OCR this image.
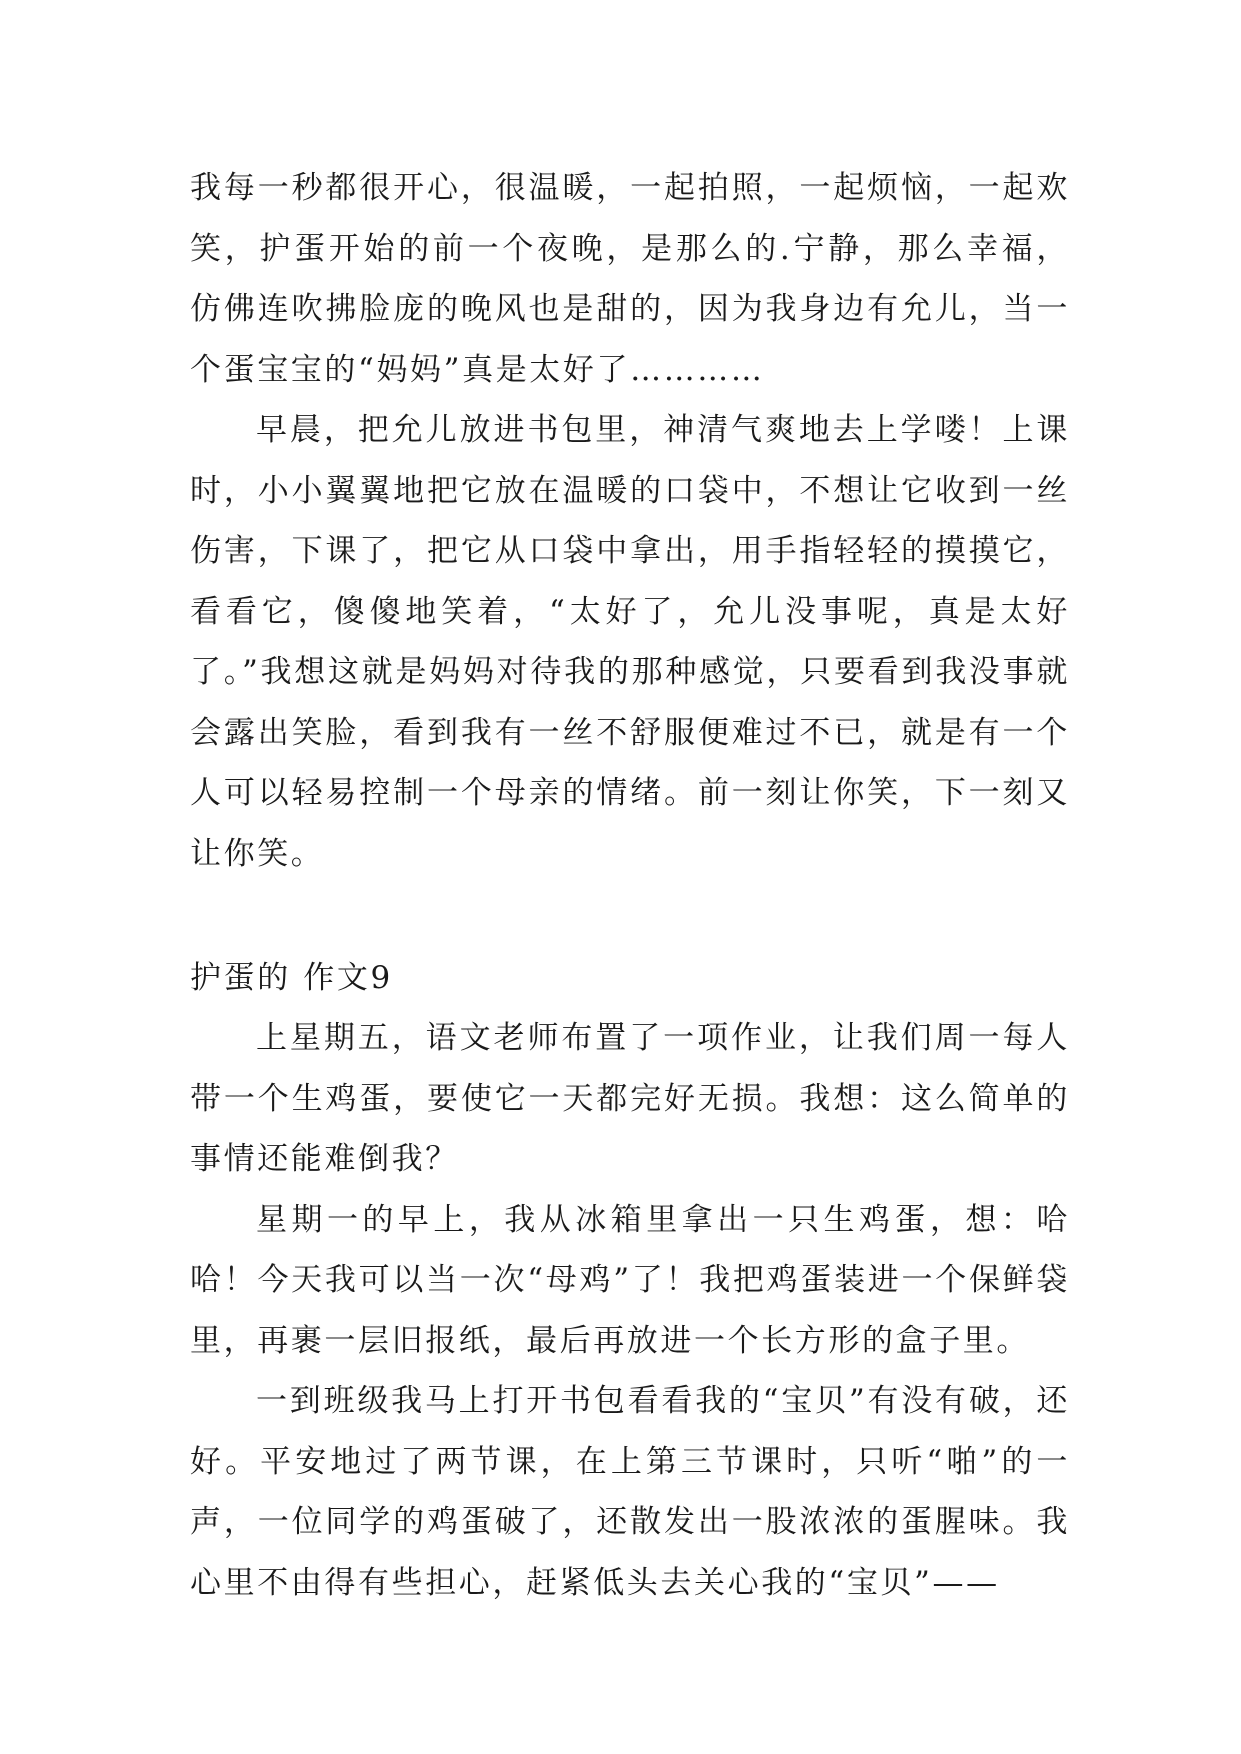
我每一秒都很开心，很温暖，一起拍照，一起烦恼，一起欢笑，护蛋开始的前一个夜晚，是那么的.宁静，那么幸福，仿佛连吹拂脸庞的晚风也是甜的，因为我身边有允儿，当一个蛋宝宝的“妈妈”真是太好了…………

早晨，把允儿放进书包里，神清气爽地去上学喽！上课时，小小翼翼地把它放在温暖的口袋中，不想让它收到一丝伤害，下课了，把它从口袋中拿出，用手指轻轻的摸摸它，看看它，傻傻地笑着，“太好了，允儿没事呢，真是太好了。”我想这就是妈妈对待我的那种感觉，只要看到我没事就会露出笑脸，看到我有一丝不舒服便难过不已，就是有一个人可以轻易控制一个母亲的情绪。前一刻让你笑，下一刻又让你笑。

护蛋的 作文9

上星期五，语文老师布置了一项作业，让我们周一每人带一个生鸡蛋，要使它一天都完好无损。我想：这么简单的事情还能难倒我？

星期一的早上，我从冰箱里拿出一只生鸡蛋，想：哈哈！今天我可以当一次“母鸡”了！我把鸡蛋装进一个保鲜袋里，再裹一层旧报纸，最后再放进一个长方形的盒子里。

一到班级我马上打开书包看看我的“宝贝”有没有破，还好。平安地过了两节课，在上第三节课时，只听“啪”的一声，一位同学的鸡蛋破了，还散发出一股浓浓的蛋腥味。我心里不由得有些担心，赶紧低头去关心我的“宝贝”——
